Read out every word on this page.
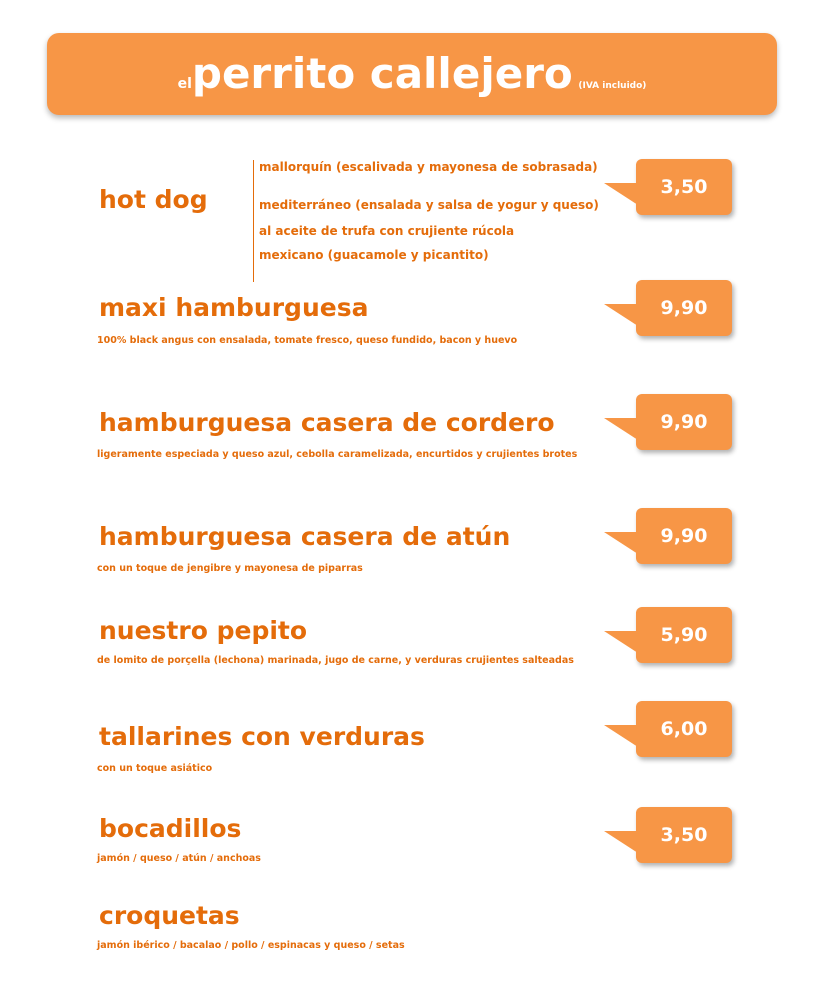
elperrito callejero (IVA incluido)
hot dog
mallorquín (escalivada y mayonesa de sobrasada)
mediterráneo (ensalada y salsa de yogur y queso)
al aceite de trufa con crujiente rúcola
mexicano (guacamole y picantito)
3,50
maxi hamburguesa
100% black angus con ensalada, tomate fresco, queso fundido, bacon y huevo
9,90
hamburguesa casera de cordero
ligeramente especiada y queso azul, cebolla caramelizada, encurtidos y crujientes brotes
9,90
hamburguesa casera de atún
con un toque de jengibre y mayonesa de piparras
9,90
nuestro pepito
de lomito de porçella (lechona) marinada, jugo de carne, y verduras crujientes salteadas
5,90
tallarines con verduras
con un toque asiático
6,00
bocadillos
jamón / queso / atún / anchoas
3,50
croquetas
jamón ibérico / bacalao / pollo / espinacas y queso / setas
